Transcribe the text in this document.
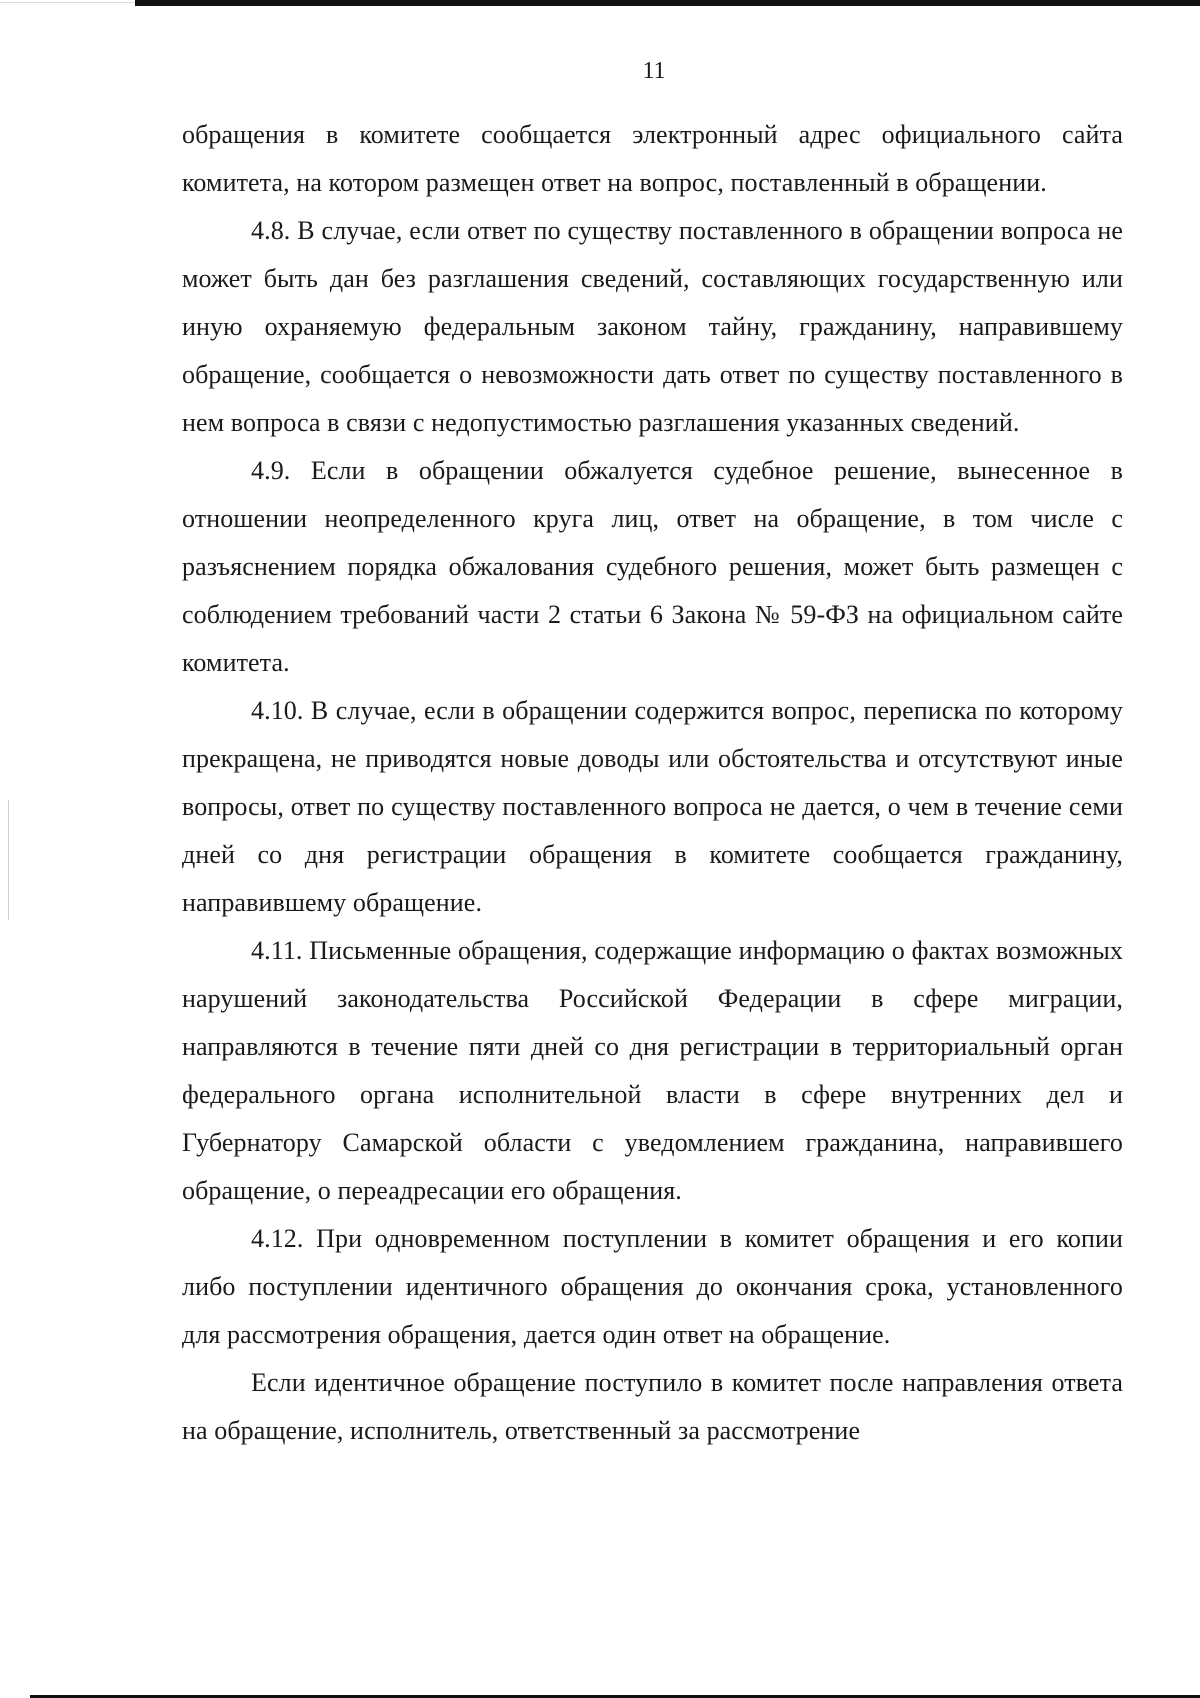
11

обращения в комитете сообщается электронный адрес официального сайта комитета, на котором размещен ответ на вопрос, поставленный в обращении.

4.8. В случае, если ответ по существу поставленного в обращении вопроса не может быть дан без разглашения сведений, составляющих государственную или иную охраняемую федеральным законом тайну, гражданину, направившему обращение, сообщается о невозможности дать ответ по существу поставленного в нем вопроса в связи с недопустимостью разглашения указанных сведений.

4.9. Если в обращении обжалуется судебное решение, вынесенное в отношении неопределенного круга лиц, ответ на обращение, в том числе с разъяснением порядка обжалования судебного решения, может быть размещен с соблюдением требований части 2 статьи 6 Закона № 59-ФЗ на официальном сайте комитета.

4.10. В случае, если в обращении содержится вопрос, переписка по которому прекращена, не приводятся новые доводы или обстоятельства и отсутствуют иные вопросы, ответ по существу поставленного вопроса не дается, о чем в течение семи дней со дня регистрации обращения в комитете сообщается гражданину, направившему обращение.

4.11. Письменные обращения, содержащие информацию о фактах возможных нарушений законодательства Российской Федерации в сфере миграции, направляются в течение пяти дней со дня регистрации в территориальный орган федерального органа исполнительной власти в сфере внутренних дел и Губернатору Самарской области с уведомлением гражданина, направившего обращение, о переадресации его обращения.

4.12. При одновременном поступлении в комитет обращения и его копии либо поступлении идентичного обращения до окончания срока, установленного для рассмотрения обращения, дается один ответ на обращение.

Если идентичное обращение поступило в комитет после направления ответа на обращение, исполнитель, ответственный за рассмотрение
